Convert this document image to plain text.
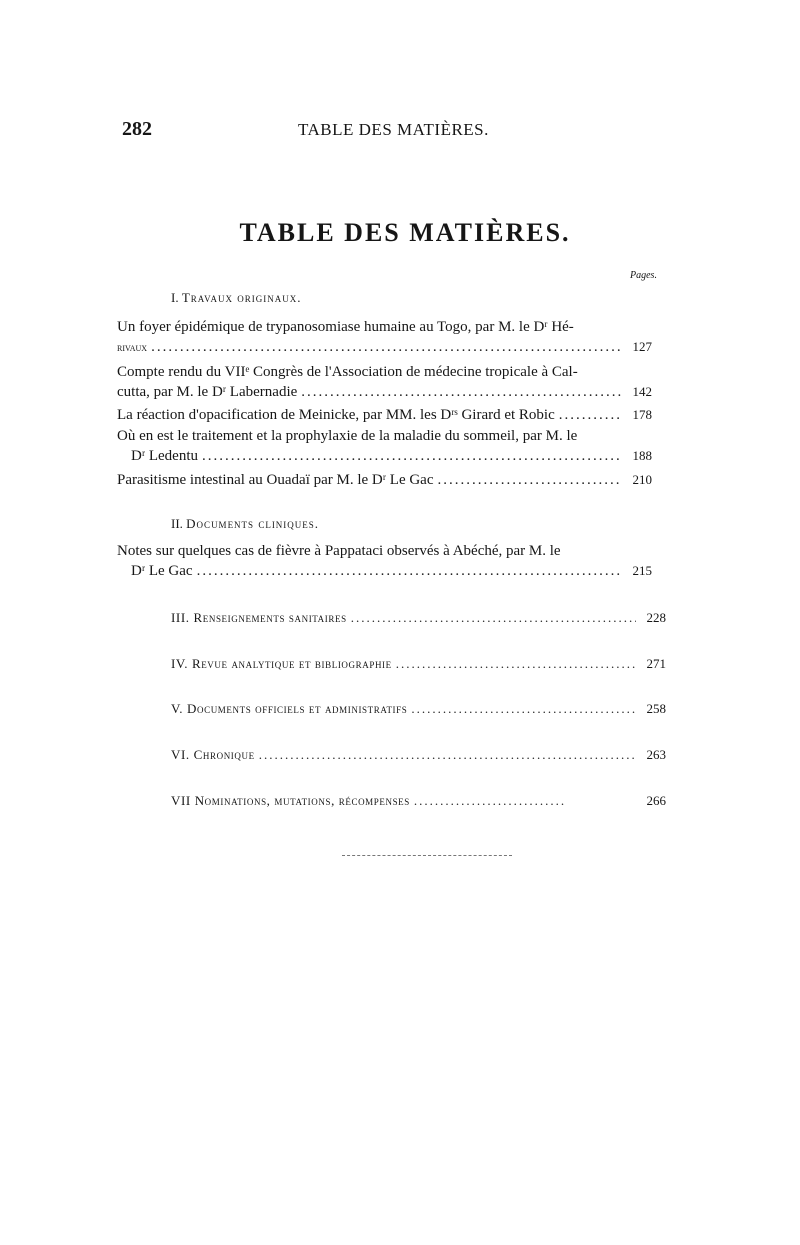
282	TABLE DES MATIÈRES.
TABLE DES MATIÈRES.
Pages.
I. Travaux originaux.
Un foyer épidémique de trypanosomiase humaine au Togo, par M. le Dʳ Hé-
rivaux .....	127
Compte rendu du VIIᵉ Congrès de l'Association de médecine tropicale à Cal-
cutta, par M. le Dʳ Labernadie .....	142
La réaction d'opacification de Meinicke, par MM. les Dʳˢ Girard et Robic .....	178
Où en est le traitement et la prophylaxie de la maladie du sommeil, par M. le
Dʳ Ledentu .....	188
Parasitisme intestinal au Ouadaï par M. le Dʳ Le Gac .....	210
II. Documents cliniques.
Notes sur quelques cas de fièvre à Pappataci observés à Abéché, par M. le
Dʳ Le Gac .....	215
III. Renseignements sanitaires .....	228
IV. Revue analytique et bibliographie .....	271
V. Documents officiels et administratifs .....	258
VI. Chronique .....	263
VII Nominations, mutations, récompenses .....	266
